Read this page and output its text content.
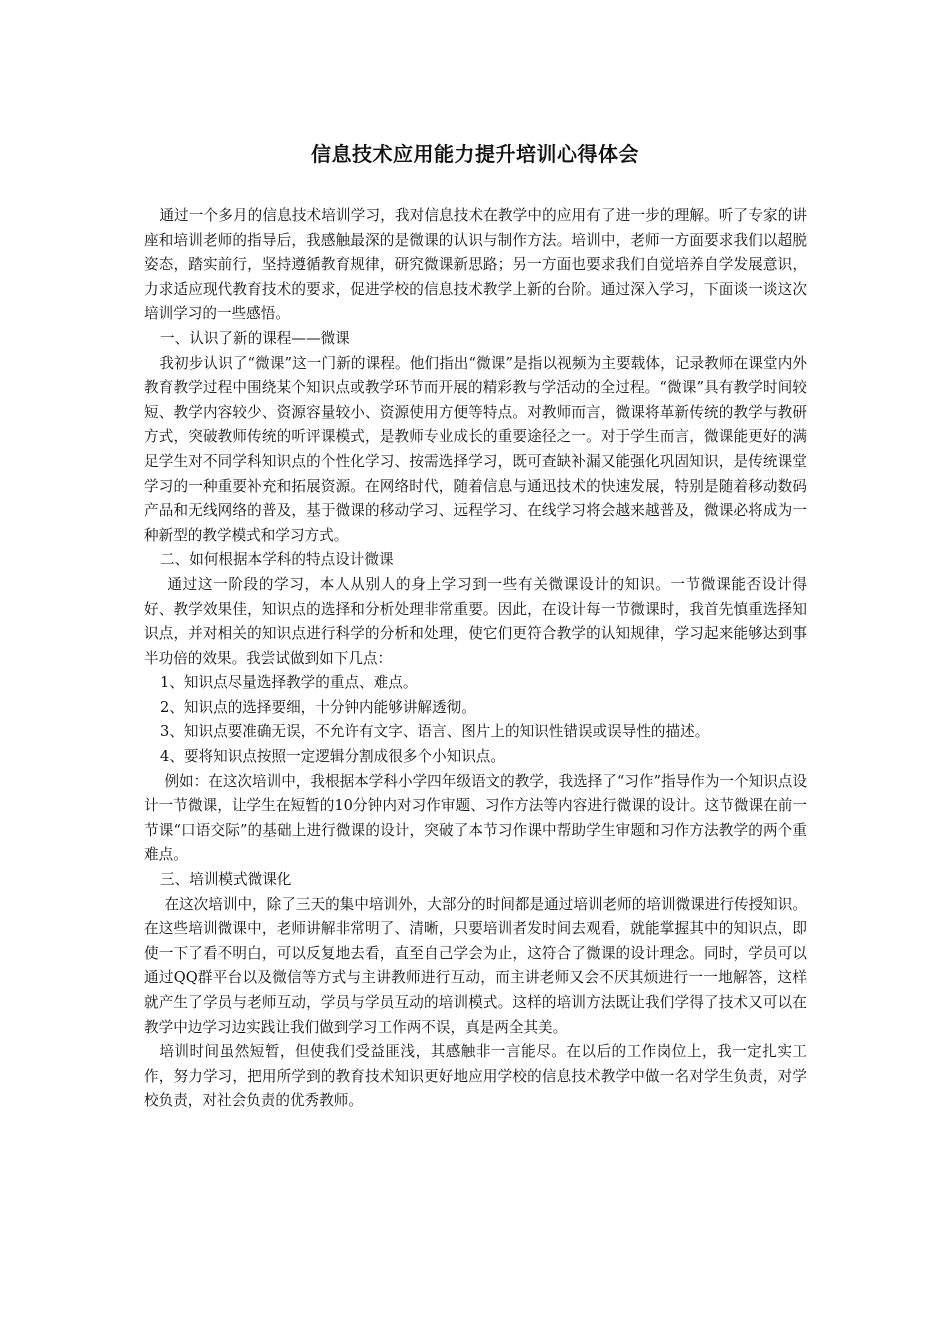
信息技术应用能力提升培训心得体会

通过一个多月的信息技术培训学习，我对信息技术在教学中的应用有了进一步的理解。听了专家的讲座和培训老师的指导后，我感触最深的是微课的认识与制作方法。培训中，老师一方面要求我们以超脱姿态，踏实前行，坚持遵循教育规律，研究微课新思路；另一方面也要求我们自觉培养自学发展意识，力求适应现代教育技术的要求，促进学校的信息技术教学上新的台阶。通过深入学习，下面谈一谈这次培训学习的一些感悟。

一、认识了新的课程——微课

我初步认识了“微课”这一门新的课程。他们指出“微课”是指以视频为主要载体，记录教师在课堂内外教育教学过程中围绕某个知识点或教学环节而开展的精彩教与学活动的全过程。“微课”具有教学时间较短、教学内容较少、资源容量较小、资源使用方便等特点。对教师而言，微课将革新传统的教学与教研方式，突破教师传统的听评课模式，是教师专业成长的重要途径之一。对于学生而言，微课能更好的满足学生对不同学科知识点的个性化学习、按需选择学习，既可查缺补漏又能强化巩固知识，是传统课堂学习的一种重要补充和拓展资源。在网络时代，随着信息与通迅技术的快速发展，特别是随着移动数码产品和无线网络的普及，基于微课的移动学习、远程学习、在线学习将会越来越普及，微课必将成为一种新型的教学模式和学习方式。

二、如何根据本学科的特点设计微课

通过这一阶段的学习，本人从别人的身上学习到一些有关微课设计的知识。一节微课能否设计得好、教学效果佳，知识点的选择和分析处理非常重要。因此，在设计每一节微课时，我首先慎重选择知识点，并对相关的知识点进行科学的分析和处理，使它们更符合教学的认知规律，学习起来能够达到事半功倍的效果。我尝试做到如下几点：

1、知识点尽量选择教学的重点、难点。

2、知识点的选择要细，十分钟内能够讲解透彻。

3、知识点要准确无误，不允许有文字、语言、图片上的知识性错误或误导性的描述。

4、要将知识点按照一定逻辑分割成很多个小知识点。

例如：在这次培训中，我根据本学科小学四年级语文的教学，我选择了“习作”指导作为一个知识点设计一节微课，让学生在短暂的10分钟内对习作审题、习作方法等内容进行微课的设计。这节微课在前一节课“口语交际”的基础上进行微课的设计，突破了本节习作课中帮助学生审题和习作方法教学的两个重难点。

三、培训模式微课化

在这次培训中，除了三天的集中培训外，大部分的时间都是通过培训老师的培训微课进行传授知识。在这些培训微课中，老师讲解非常明了、清晰，只要培训者发时间去观看，就能掌握其中的知识点，即使一下了看不明白，可以反复地去看，直至自己学会为止，这符合了微课的设计理念。同时，学员可以通过QQ群平台以及微信等方式与主讲教师进行互动，而主讲老师又会不厌其烦进行一一地解答，这样就产生了学员与老师互动，学员与学员互动的培训模式。这样的培训方法既让我们学得了技术又可以在教学中边学习边实践让我们做到学习工作两不误，真是两全其美。

培训时间虽然短暂，但使我们受益匪浅，其感触非一言能尽。在以后的工作岗位上，我一定扎实工作，努力学习，把用所学到的教育技术知识更好地应用学校的信息技术教学中做一名对学生负责，对学校负责，对社会负责的优秀教师。
